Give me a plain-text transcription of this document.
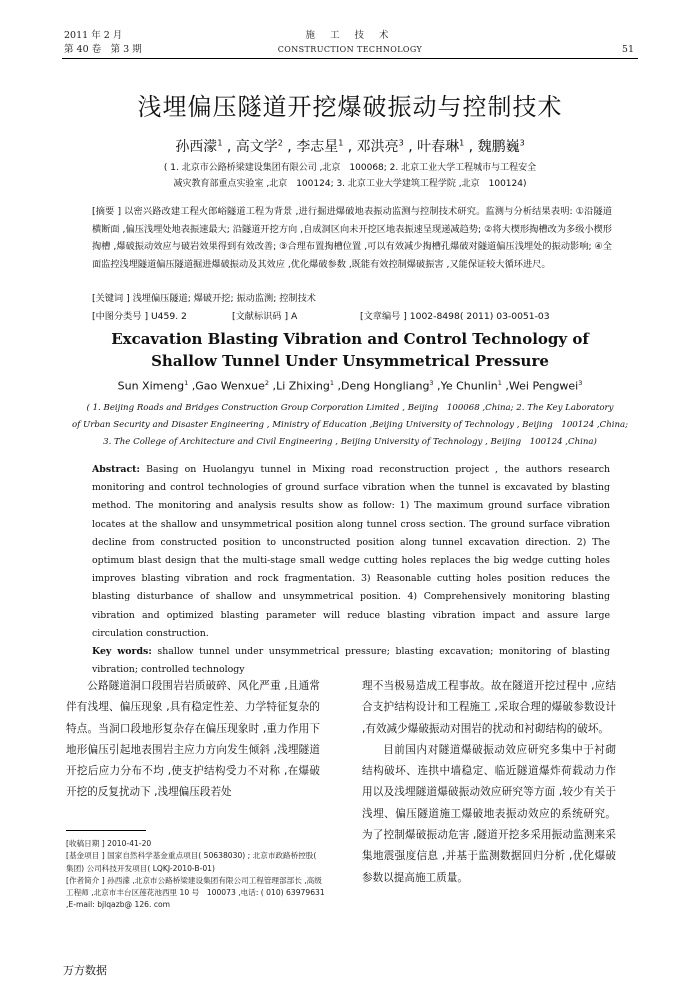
2011 年 2 月
第 40 卷　第 3 期
施 工 技 术
CONSTRUCTION TECHNOLOGY	51
浅埋偏压隧道开挖爆破振动与控制技术
孙西濛$^1$ , 高文学$^2$ , 李志星$^1$ , 邓洪亮$^3$ , 叶春琳$^1$ , 魏鹏巍$^3$
( 1. 北京市公路桥梁建设集团有限公司 ,北京　100068; 2. 北京工业大学工程城市与工程安全
减灾教育部重点实验室 ,北京　100124; 3. 北京工业大学建筑工程学院 ,北京　100124)
[摘要 ] 以密兴路改建工程火郎峪隧道工程为背景 ,进行掘进爆破地表振动监测与控制技术研究。监测与分析结果表明: ①沿隧道横断面 ,偏压浅埋处地表振速最大; 沿隧道开挖方向 ,自成洞区向未开挖区地表振速呈现递减趋势; ②将大楔形掏槽改为多级小楔形掏槽 ,爆破振动效应与破岩效果得到有效改善; ③合理布置掏槽位置 ,可以有效减少掏槽孔爆破对隧道偏压浅埋处的振动影响; ④全面监控浅埋隧道偏压隧道掘进爆破振动及其效应 ,优化爆破参数 ,既能有效控制爆破振害 ,又能保证较大循环进尺。
[关键词 ] 浅埋偏压隧道; 爆破开挖; 振动监测; 控制技术
[中图分类号 ] U459. 2	[文献标识码 ] A	[文章编号 ] 1002-8498( 2011) 03-0051-03
Excavation Blasting Vibration and Control Technology of
Shallow Tunnel Under Unsymmetrical Pressure
Sun Ximeng$^1$ ,Gao Wenxue$^2$ ,Li Zhixing$^1$ ,Deng Hongliang$^3$ ,Ye Chunlin$^1$ ,Wei Pengwei$^3$
( 1. Beijing Roads and Bridges Construction Group Corporation Limited , Beijing　100068 ,China; 2. The Key Laboratory
of Urban Security and Disaster Engineering , Ministry of Education ,Beijing University of Technology , Beijing　100124 ,China;
3. The College of Architecture and Civil Engineering , Beijing University of Technology , Beijing　100124 ,China)
Abstract: Basing on Huolangyu tunnel in Mixing road reconstruction project , the authors research monitoring and control technologies of ground surface vibration when the tunnel is excavated by blasting method. The monitoring and analysis results show as follow: 1) The maximum ground surface vibration locates at the shallow and unsymmetrical position along tunnel cross section. The ground surface vibration decline from constructed position to unconstructed position along tunnel excavation direction. 2) The optimum blast design that the multi-stage small wedge cutting holes replaces the big wedge cutting holes improves blasting vibration and rock fragmentation. 3) Reasonable cutting holes position reduces the blasting disturbance of shallow and unsymmetrical position. 4) Comprehensively monitoring blasting vibration and optimized blasting parameter will reduce blasting vibration impact and assure large circulation construction.
Key words: shallow tunnel under unsymmetrical pressure; blasting excavation; monitoring of blasting vibration; controlled technology

公路隧道洞口段围岩岩质破碎、风化严重 ,且通常伴有浅埋、偏压现象 ,具有稳定性差、力学特征复杂的特点。当洞口段地形复杂存在偏压现象时 ,重力作用下地形偏压引起地表围岩主应力方向发生倾斜 ,浅埋隧道开挖后应力分布不均 ,使支护结构受力不对称 ,在爆破开挖的反复扰动下 ,浅埋偏压段若处

理不当极易造成工程事故。故在隧道开挖过程中 ,应结合支护结构设计和工程施工 ,采取合理的爆破参数设计 ,有效减少爆破振动对围岩的扰动和衬砌结构的破坏。

目前国内对隧道爆破振动效应研究多集中于衬砌结构破坏、连拱中墙稳定、临近隧道爆炸荷载动力作用以及浅埋隧道爆破振动效应研究等方面 ,较少有关于浅埋、偏压隧道施工爆破地表振动效应的系统研究。为了控制爆破振动危害 ,隧道开挖多采用振动监测来采集地震强度信息 ,并基于监测数据回归分析 ,优化爆破参数以提高施工质量。

[收稿日期 ] 2010-41-20
[基金项目 ] 国家自然科学基金重点项目( 50638030) ; 北京市政路桥控股( 集团) 公司科技开发项目( LQKJ-2010-B-01)
[作者简介 ] 孙西濛 ,北京市公路桥梁建设集团有限公司工程管理部部长 ,高级工程师 ,北京市丰台区莲花池西里 10 号　100073 ,电话: ( 010) 63979631 ,E-mail: bjlqazb@ 126. com
万方数据
